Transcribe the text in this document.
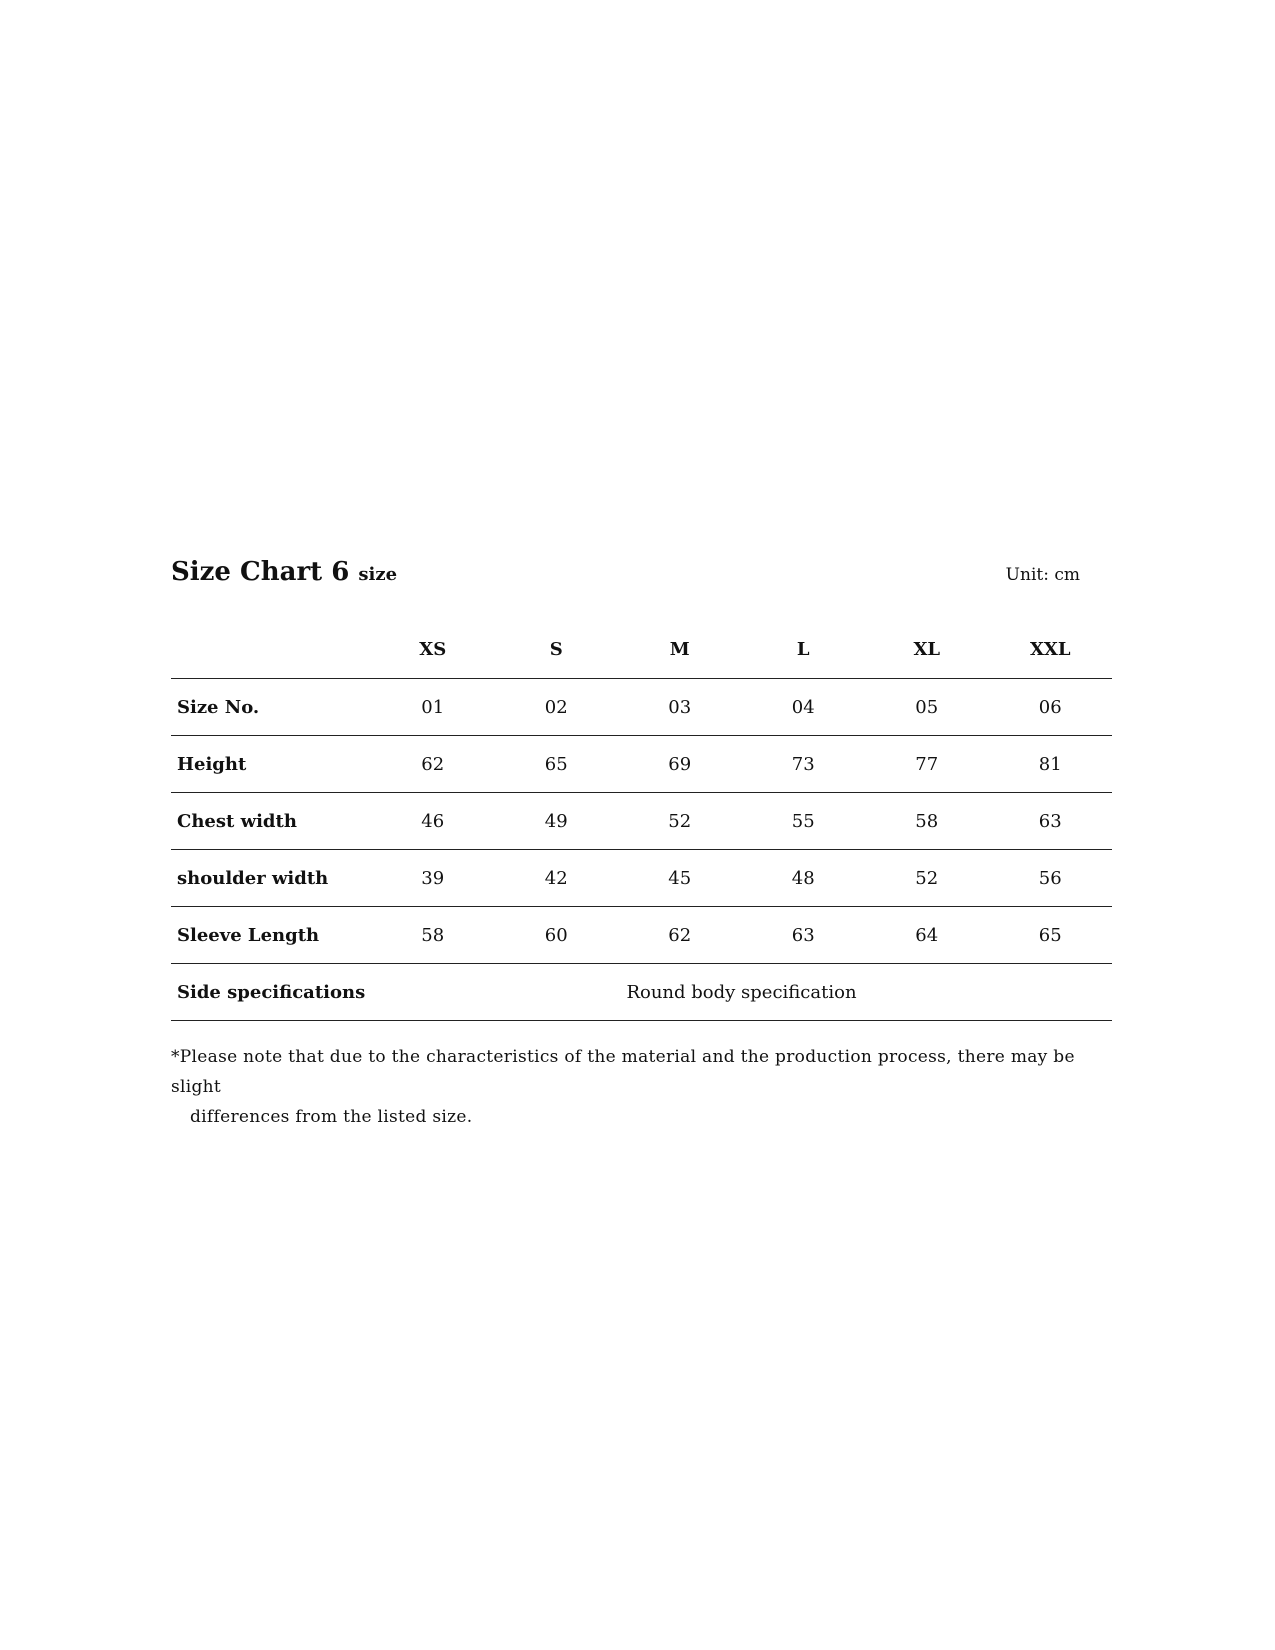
Size Chart 6 size	Unit: cm
	XS	S	M	L	XL	XXL
Size No.	01	02	03	04	05	06
Height	62	65	69	73	77	81
Chest width	46	49	52	55	58	63
shoulder width	39	42	45	48	52	56
Sleeve Length	58	60	62	63	64	65
Side specifications	Round body specification					
*Please note that due to the characteristics of the material and the production process, there may be slight
differences from the listed size.
